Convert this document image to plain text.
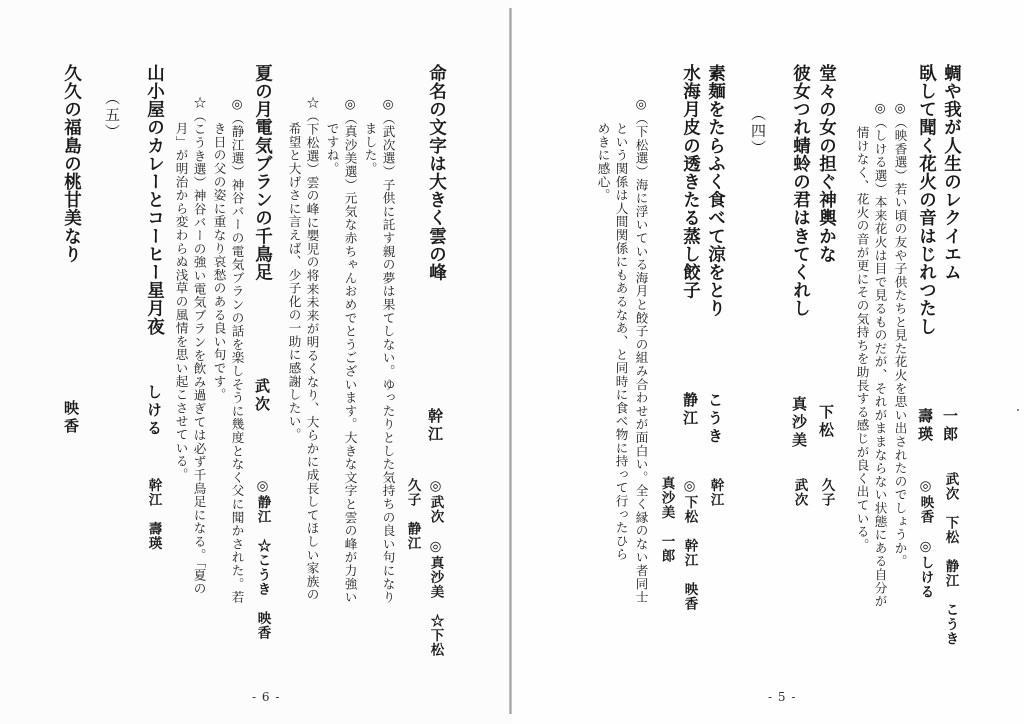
命名の文字は大きく雲の峰
幹江
◎武次　◎真沙美　☆下松
久子　静江
◎（武次選）子供に託す親の夢は果てしない。ゆったりとした気持ちの良い句になり
ました。
◎（真沙美選）元気な赤ちゃんおめでとうございます。大きな文字と雲の峰が力強い
ですね。
☆（下松選）雲の峰に嬰児の将来未来が明るくなり、大らかに成長してほしい家族の
希望と大げさに言えば、少子化の一助に感謝したい。
夏の月電気ブランの千鳥足
武次
◎静江　☆こうき　映香
◎（静江選）神谷バーの電気ブランの話を楽しそうに幾度となく父に聞かされた。若
き日の父の姿に重なり哀愁のある良い句です。
☆（こうき選）神谷バーの強い電気ブランを飲み過ぎては必ず千鳥足になる。「夏の
月」が明治から変わらぬ浅草の風情を思い起こさせている。
山小屋のカレーとコーヒー星月夜
しける
幹江　壽瑛
（五）
久久の福島の桃甘美なり
映香
- 6 -
蜩や我が人生のレクイエム
一郎
武次　下松　静江　こうき
臥して聞く花火の音はじれつたし
壽瑛
◎映香　◎しける
◎（映香選）若い頃の友や子供たちと見た花火を思い出されたのでしょうか。
◎（しける選）本来花火は目で見るものだが、それがままならない状態にある自分が
情けなく、花火の音が更にその気持ちを助長する感じが良く出ている。
堂々の女の担ぐ神輿かな
下松
久子
彼女つれ蜻蛉の君はきてくれし
真沙美
武次
（四）
素麺をたらふく食べて涼をとり
こうき
幹江
水海月皮の透きたる蒸し餃子
静江
◎下松　幹江　映香
真沙美　一郎
◎（下松選）海に浮いている海月と餃子の組み合わせが面白い。全く縁のない者同士
という関係は人間関係にもあるなあ、と同時に食べ物に持って行ったひら
めきに感心。
- 5 -
